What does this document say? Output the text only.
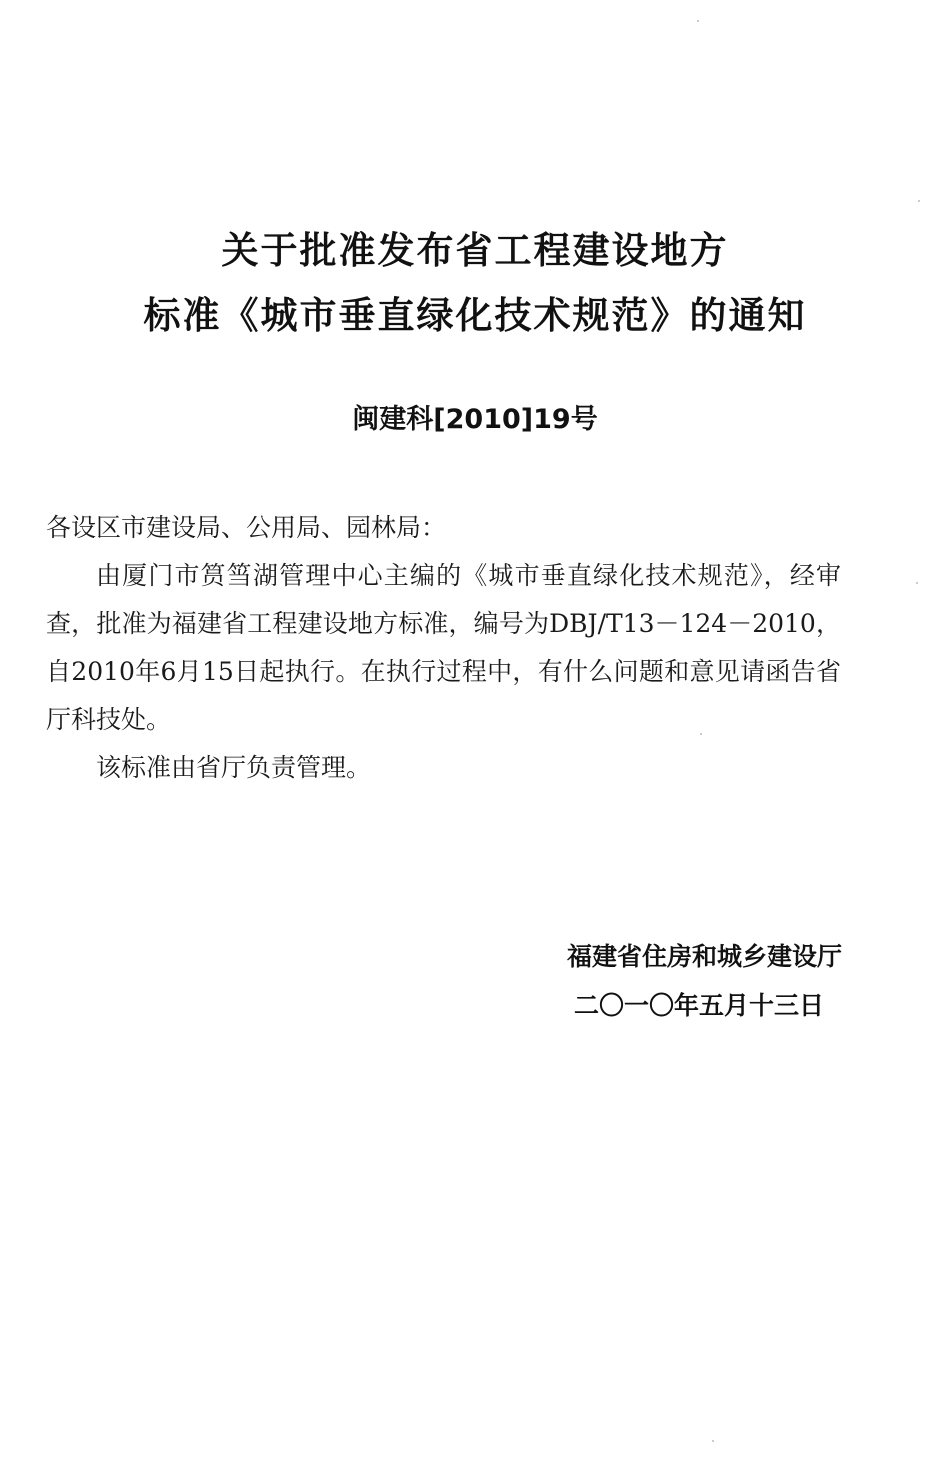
关于批准发布省工程建设地方
标准《城市垂直绿化技术规范》的通知
闽建科[2010]19号
各设区市建设局、公用局、园林局：
由厦门市筼筜湖管理中心主编的《城市垂直绿化技术规范》，经审查，批准为福建省工程建设地方标准，编号为DBJ/T13－124－2010，自2010年6月15日起执行。在执行过程中，有什么问题和意见请函告省厅科技处。
该标准由省厅负责管理。
福建省住房和城乡建设厅
二〇一〇年五月十三日
